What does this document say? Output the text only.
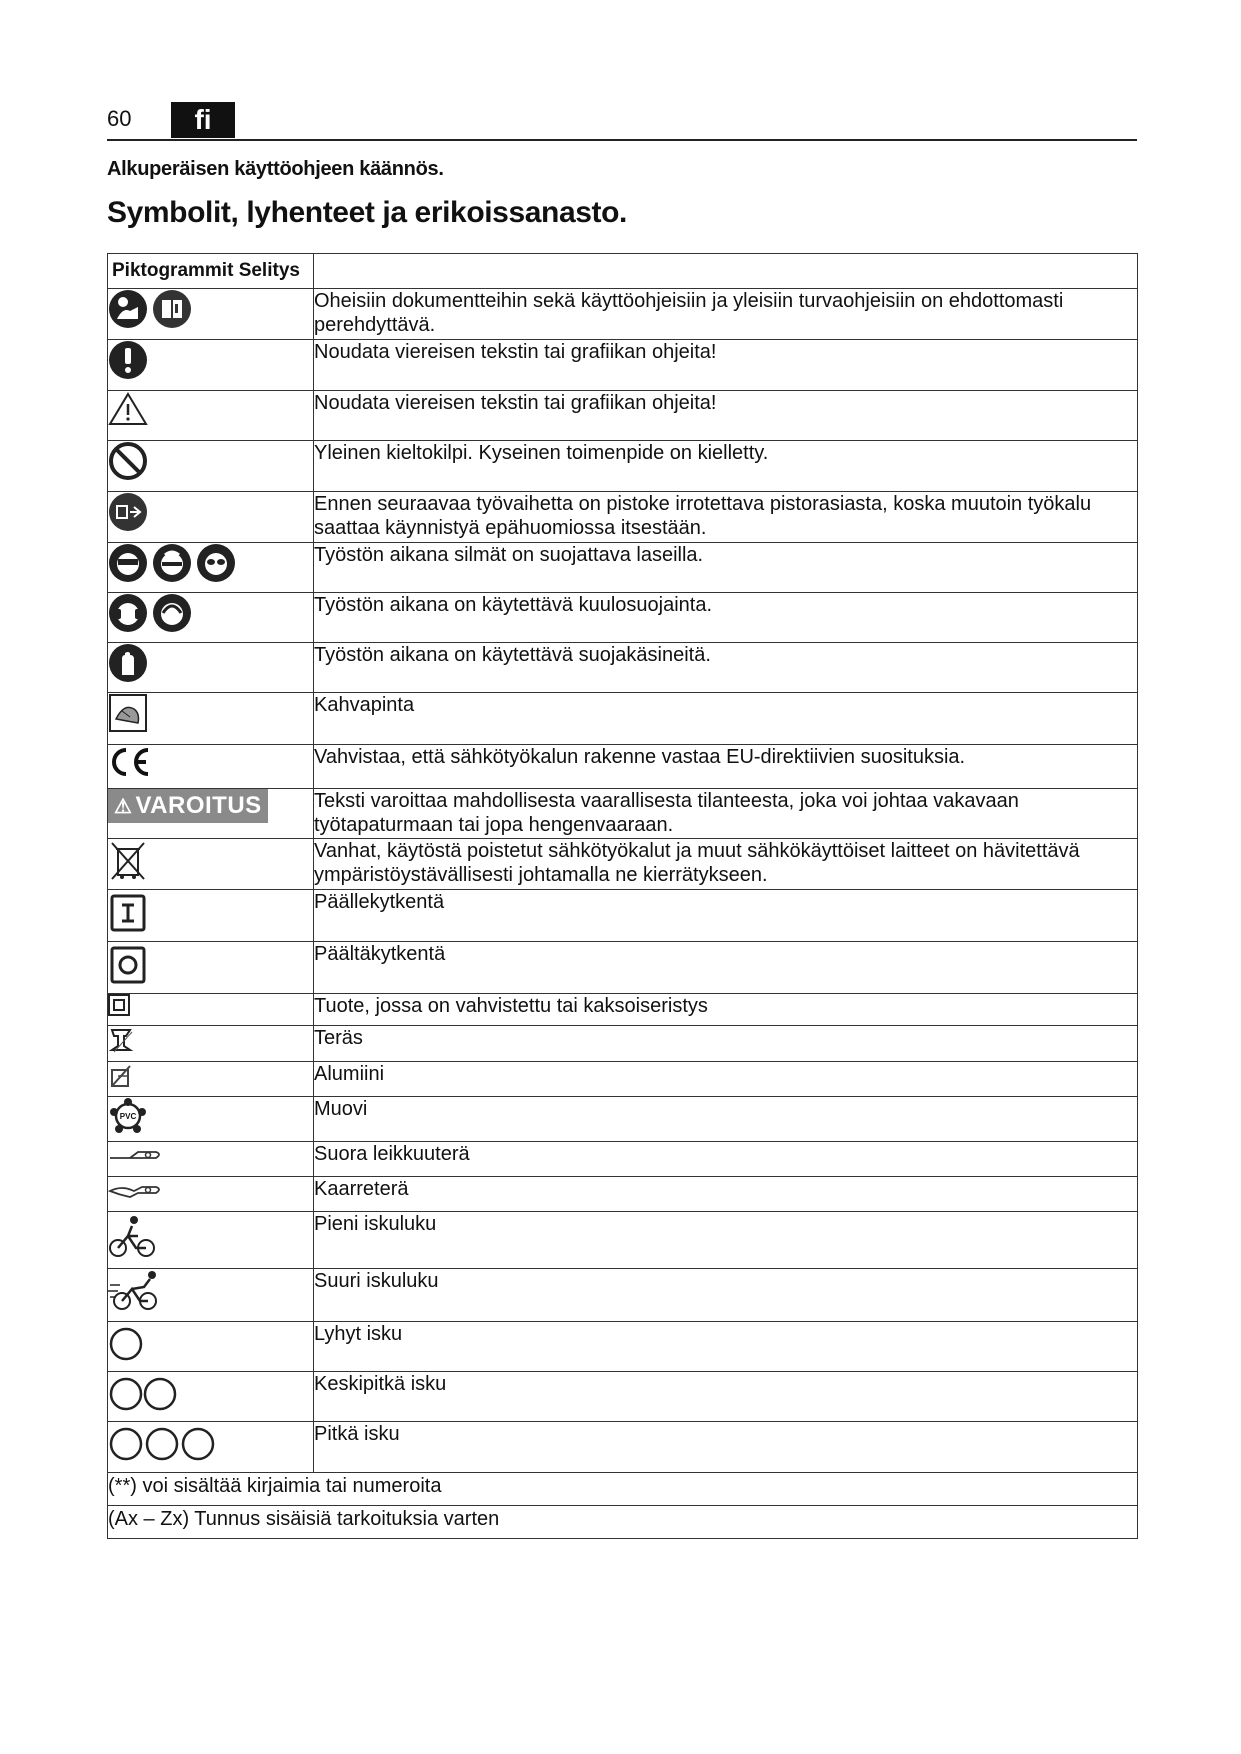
60	fi
Alkuperäisen käyttöohjeen käännös.
Symbolit, lyhenteet ja erikoissanasto.
Piktogrammit Selitys	

	Oheisiin dokumentteihin sekä käyttöohjeisiin ja yleisiin turvaohjeisiin on ehdottomasti perehdyttävä.

	Noudata viereisen tekstin tai grafiikan ohjeita!

	Noudata viereisen tekstin tai grafiikan ohjeita!

	Yleinen kieltokilpi. Kyseinen toimenpide on kielletty.

	Ennen seuraavaa työvaihetta on pistoke irrotettava pistorasiasta, koska muutoin työkalu saattaa käynnistyä epähuomiossa itsestään.

	Työstön aikana silmät on suojattava laseilla.

	Työstön aikana on käytettävä kuulosuojainta.

	Työstön aikana on käytettävä suojakäsineitä.

	Kahvapinta

	Vahvistaa, että sähkötyökalun rakenne vastaa EU-direktiivien suosituksia.

⚠ VAROITUS	Teksti varoittaa mahdollisesta vaarallisesta tilanteesta, joka voi johtaa vakavaan työtapaturmaan tai jopa hengenvaaraan.

	Vanhat, käytöstä poistetut sähkötyökalut ja muut sähkökäyttöiset laitteet on hävitettävä ympäristöystävällisesti johtamalla ne kierrätykseen.

	Päällekytkentä

	Päältäkytkentä

	Tuote, jossa on vahvistettu tai kaksoiseristys

	Teräs

	Alumiini

PVC	Muovi

	Suora leikkuuterä

	Kaarreterä

	Pieni iskuluku

	Suuri iskuluku

	Lyhyt isku

	Keskipitkä isku

	Pitkä isku
(**) voi sisältää kirjaimia tai numeroita	
(Ax – Zx) Tunnus sisäisiä tarkoituksia varten	
